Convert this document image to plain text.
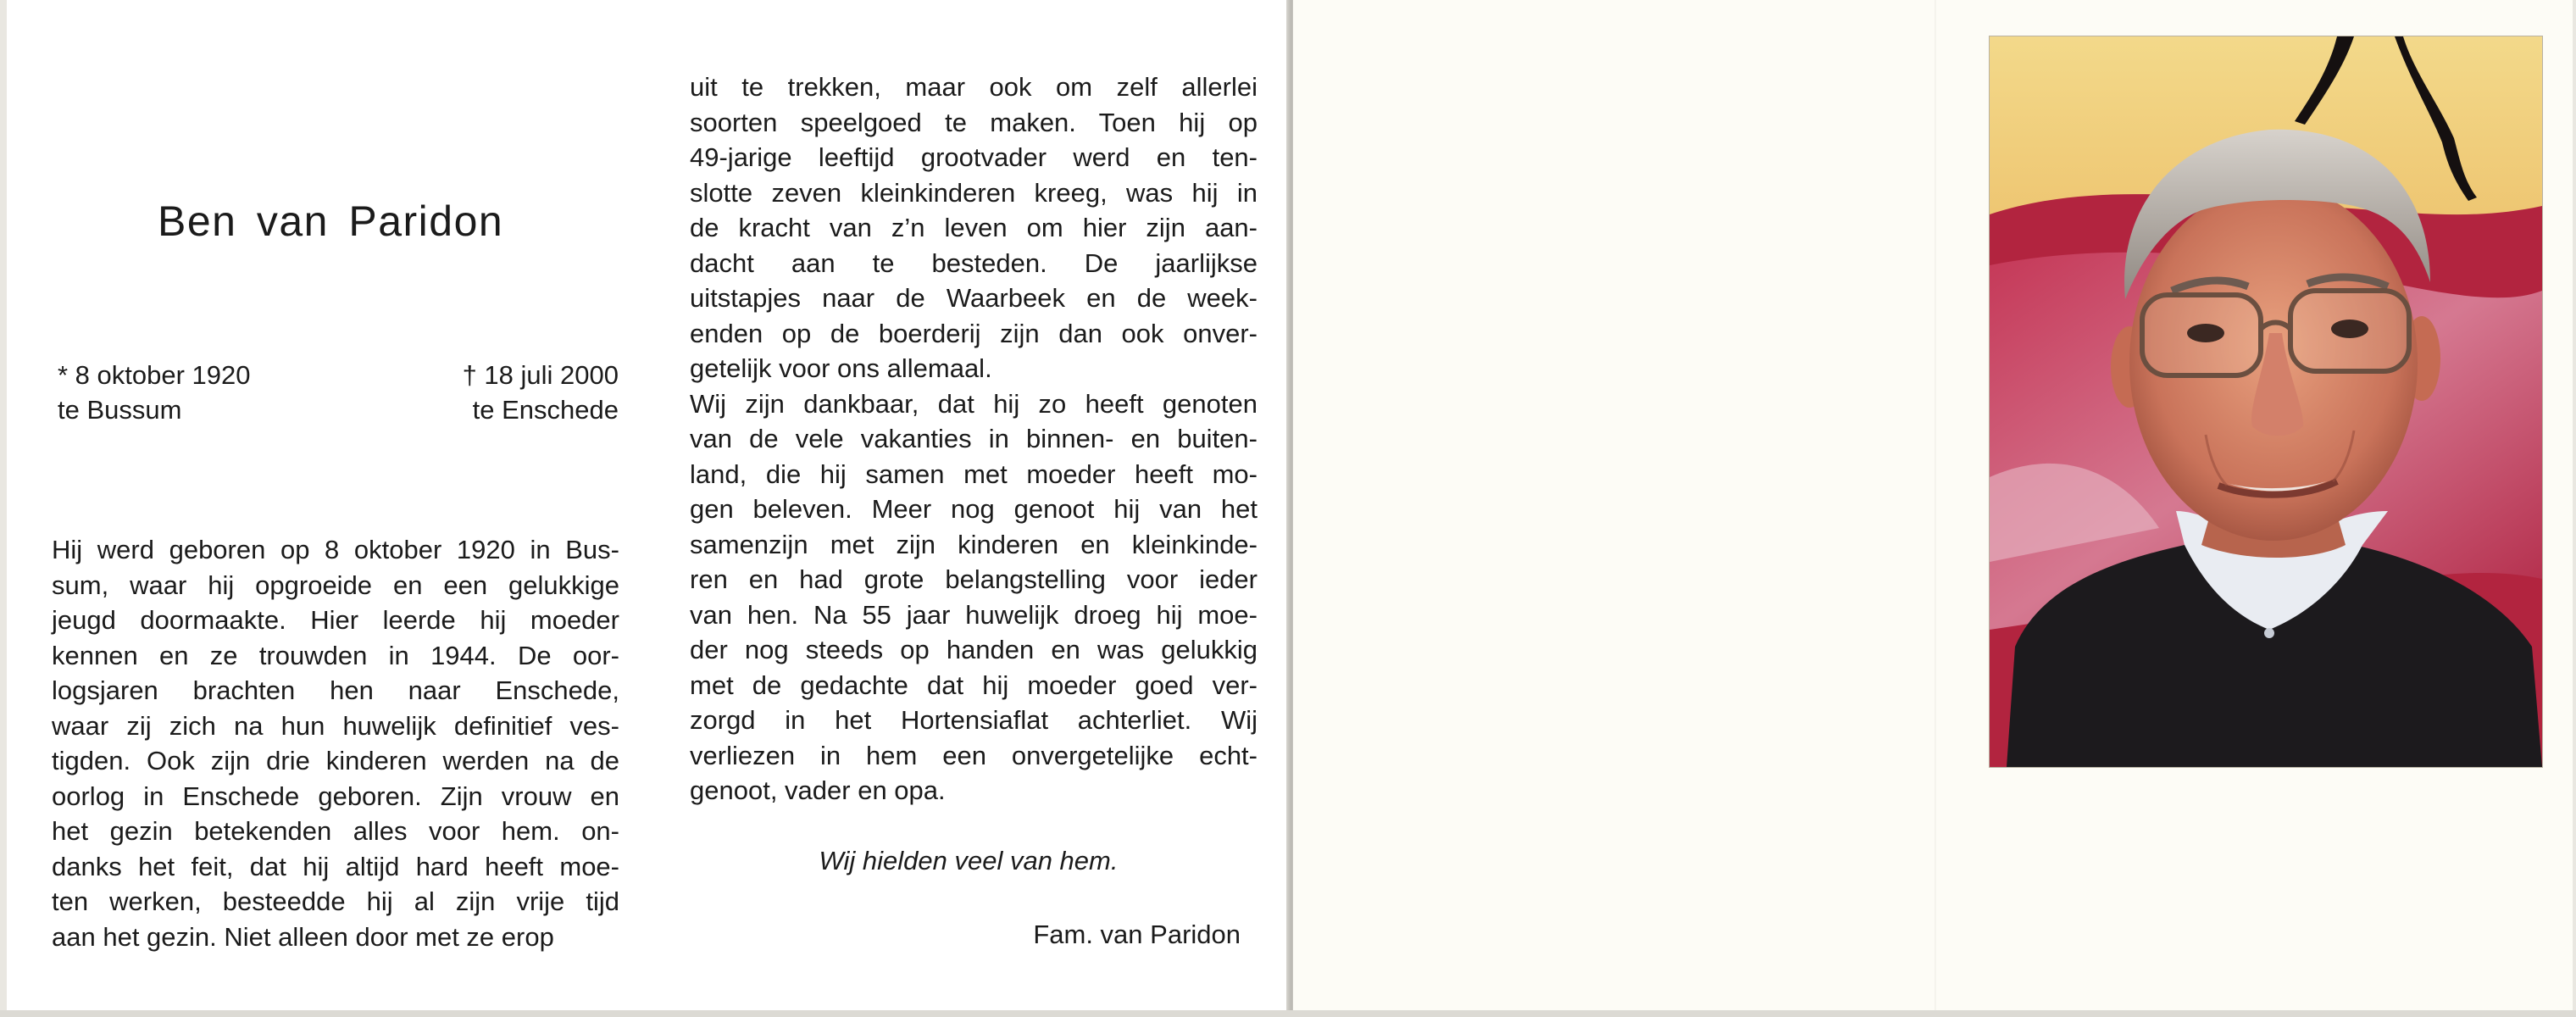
Ben van Paridon
* 8 oktober 1920
te Bussum
† 18 juli 2000
te Enschede
Hij werd geboren op 8 oktober 1920 in Bus-
sum, waar hij opgroeide en een gelukkige
jeugd doormaakte. Hier leerde hij moeder
kennen en ze trouwden in 1944. De oor-
logsjaren brachten hen naar Enschede,
waar zij zich na hun huwelijk definitief ves-
tigden. Ook zijn drie kinderen werden na de
oorlog in Enschede geboren. Zijn vrouw en
het gezin betekenden alles voor hem. on-
danks het feit, dat hij altijd hard heeft moe-
ten werken, besteedde hij al zijn vrije tijd
aan het gezin. Niet alleen door met ze erop
uit te trekken, maar ook om zelf allerlei
soorten speelgoed te maken. Toen hij op
49-jarige leeftijd grootvader werd en ten-
slotte zeven kleinkinderen kreeg, was hij in
de kracht van z’n leven om hier zijn aan-
dacht aan te besteden. De jaarlijkse
uitstapjes naar de Waarbeek en de week-
enden op de boerderij zijn dan ook onver-
getelijk voor ons allemaal.
Wij zijn dankbaar, dat hij zo heeft genoten
van de vele vakanties in binnen- en buiten-
land, die hij samen met moeder heeft mo-
gen beleven. Meer nog genoot hij van het
samenzijn met zijn kinderen en kleinkinde-
ren en had grote belangstelling voor ieder
van hen. Na 55 jaar huwelijk droeg hij moe-
der nog steeds op handen en was gelukkig
met de gedachte dat hij moeder goed ver-
zorgd in het Hortensiaflat achterliet. Wij
verliezen in hem een onvergetelijke echt-
genoot, vader en opa.
Wij hielden veel van hem.
Fam. van Paridon
